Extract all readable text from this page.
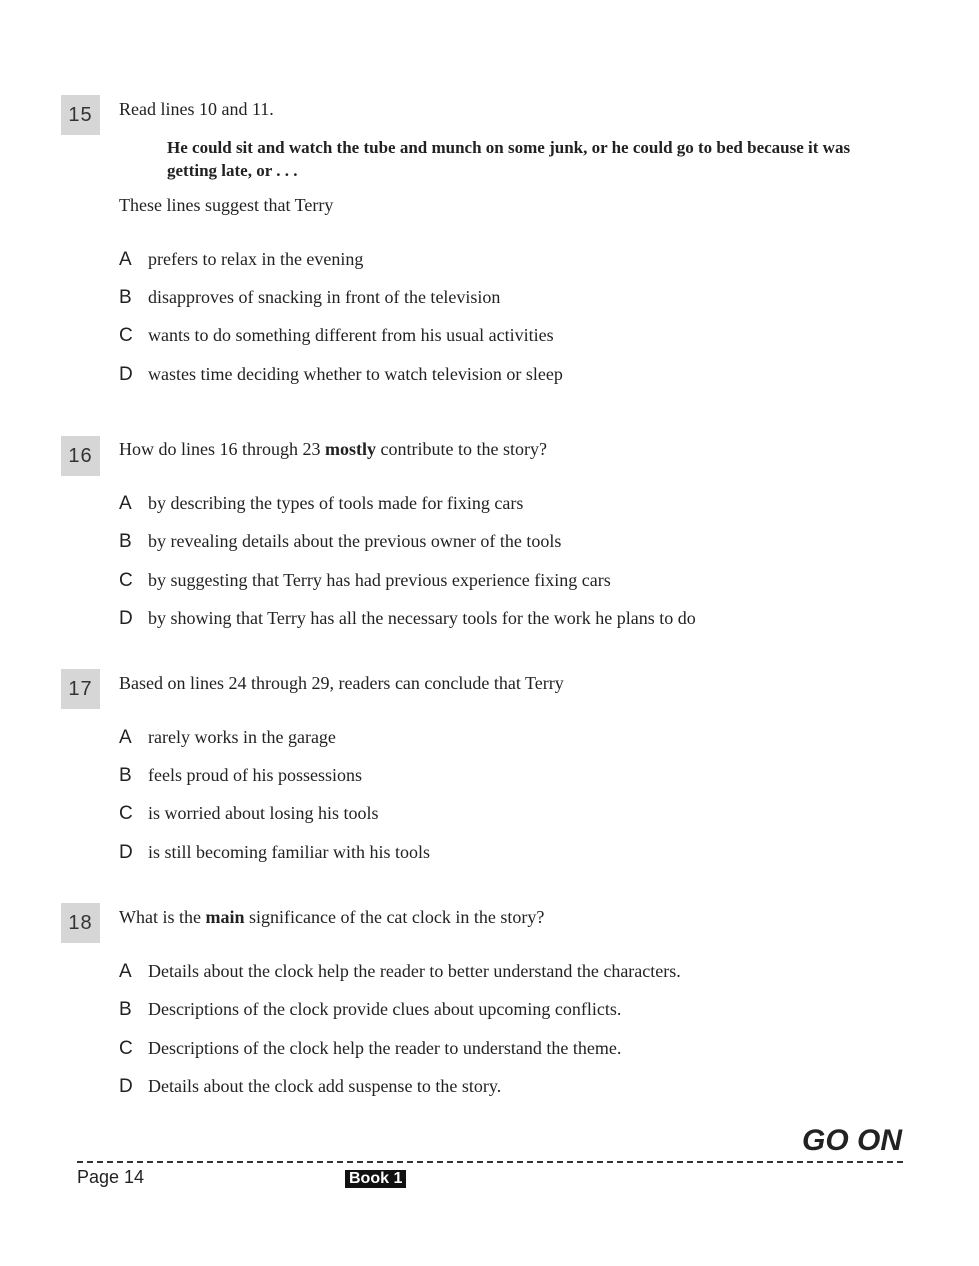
15	Read lines 10 and 11.
He could sit and watch the tube and munch on some junk, or he could go to bed because it was getting late, or . . .
These lines suggest that Terry
A prefers to relax in the evening
B disapproves of snacking in front of the television
C wants to do something different from his usual activities
D wastes time deciding whether to watch television or sleep
16	How do lines 16 through 23 mostly contribute to the story?
A by describing the types of tools made for fixing cars
B by revealing details about the previous owner of the tools
C by suggesting that Terry has had previous experience fixing cars
D by showing that Terry has all the necessary tools for the work he plans to do
17	Based on lines 24 through 29, readers can conclude that Terry
A rarely works in the garage
B feels proud of his possessions
C is worried about losing his tools
D is still becoming familiar with his tools
18	What is the main significance of the cat clock in the story?
A Details about the clock help the reader to better understand the characters.
B Descriptions of the clock provide clues about upcoming conflicts.
C Descriptions of the clock help the reader to understand the theme.
D Details about the clock add suspense to the story.
GO ON
Page 14	Book 1
